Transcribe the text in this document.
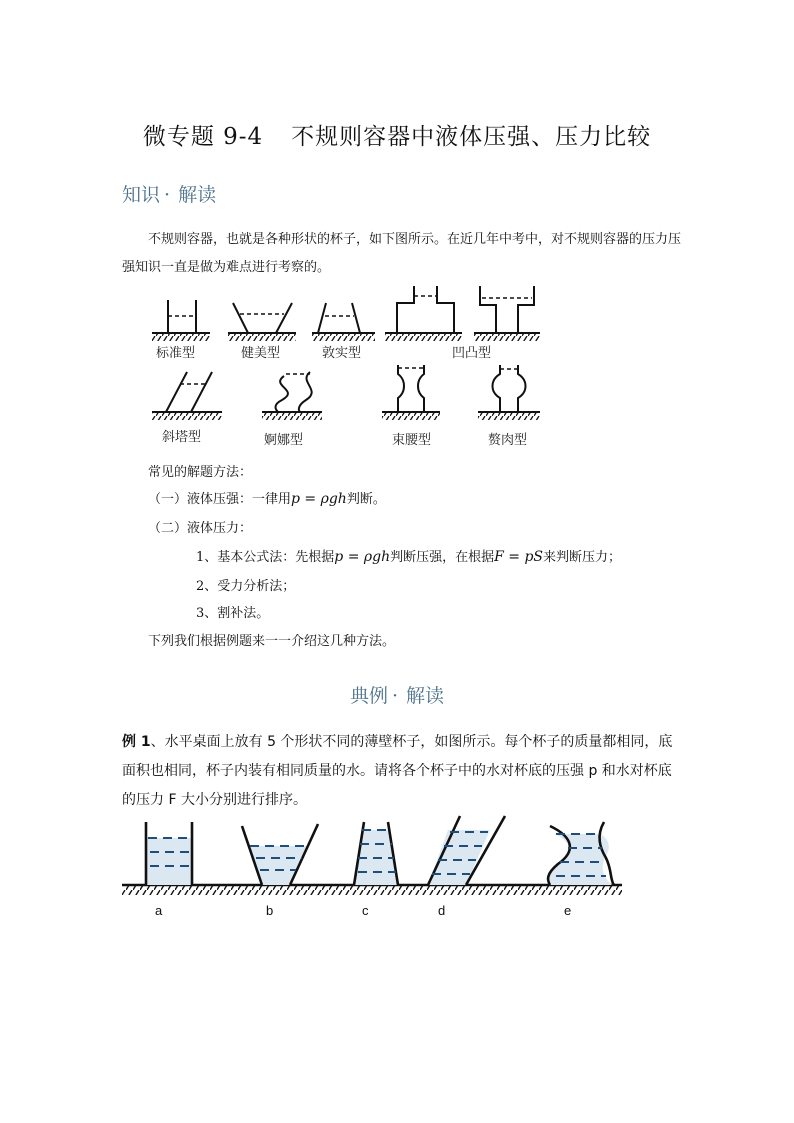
微专题 9-4 不规则容器中液体压强、压力比较
知识 · 解读
不规则容器，也就是各种形状的杯子，如下图所示。在近几年中考中，对不规则容器的压力压强知识一直是做为难点进行考察的。
标准型	健美型	敦实型	凹凸型
斜塔型	婀娜型	束腰型	赘肉型
常见的解题方法：
（一）液体压强：一律用p = ρgh判断。
（二）液体压力：
1、基本公式法：先根据p = ρgh判断压强，在根据F = pS来判断压力；
2、受力分析法；
3、割补法。
下列我们根据例题来一一介绍这几种方法。
典例 · 解读
例 1、水平桌面上放有 5 个形状不同的薄壁杯子，如图所示。每个杯子的质量都相同，底面积也相同，杯子内装有相同质量的水。请将各个杯子中的水对杯底的压强 p 和水对杯底的压力 F 大小分别进行排序。
a	b	c	d	e
